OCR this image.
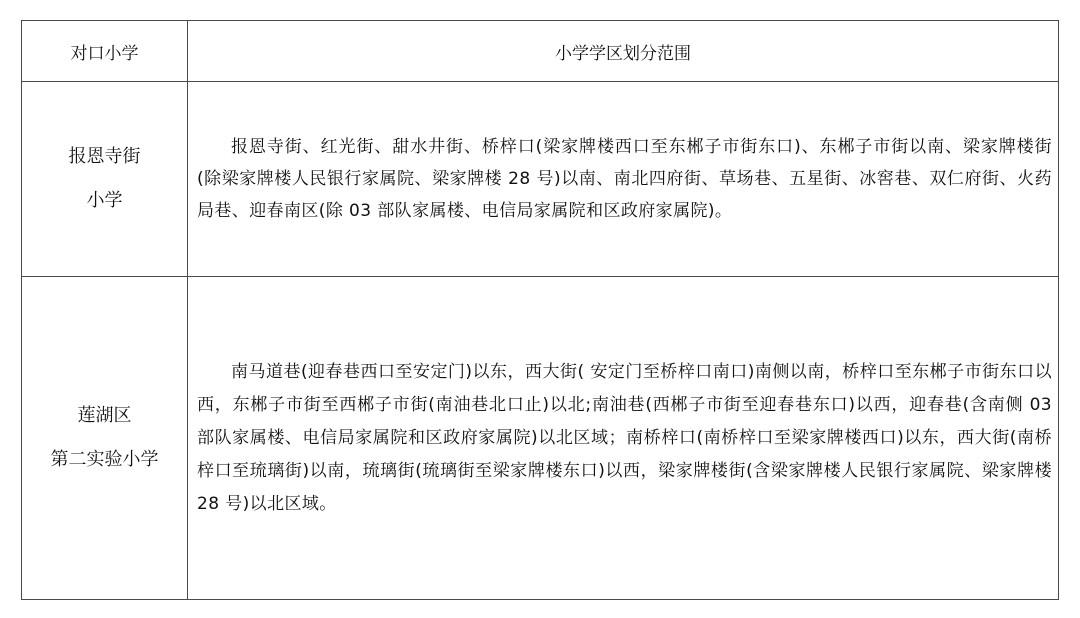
对口小学	小学学区划分范围

报恩寺街
小学	报恩寺街、红光街、甜水井街、桥梓口(梁家牌楼西口至东郴子市街东口)、东郴子市街以南、梁家牌楼街(除梁家牌楼人民银行家属院、梁家牌楼 28 号)以南、南北四府街、草场巷、五星街、冰窖巷、双仁府街、火药局巷、迎春南区(除 03 部队家属楼、电信局家属院和区政府家属院)。

莲湖区
第二实验小学	南马道巷(迎春巷西口至安定门)以东，西大街( 安定门至桥梓口南口)南侧以南，桥梓口至东郴子市街东口以西，东郴子市街至西郴子市街(南油巷北口止)以北;南油巷(西郴子市街至迎春巷东口)以西，迎春巷(含南侧 03 部队家属楼、电信局家属院和区政府家属院)以北区域；南桥梓口(南桥梓口至梁家牌楼西口)以东，西大街(南桥梓口至琉璃街)以南，琉璃街(琉璃街至梁家牌楼东口)以西，梁家牌楼街(含梁家牌楼人民银行家属院、梁家牌楼 28 号)以北区域。
